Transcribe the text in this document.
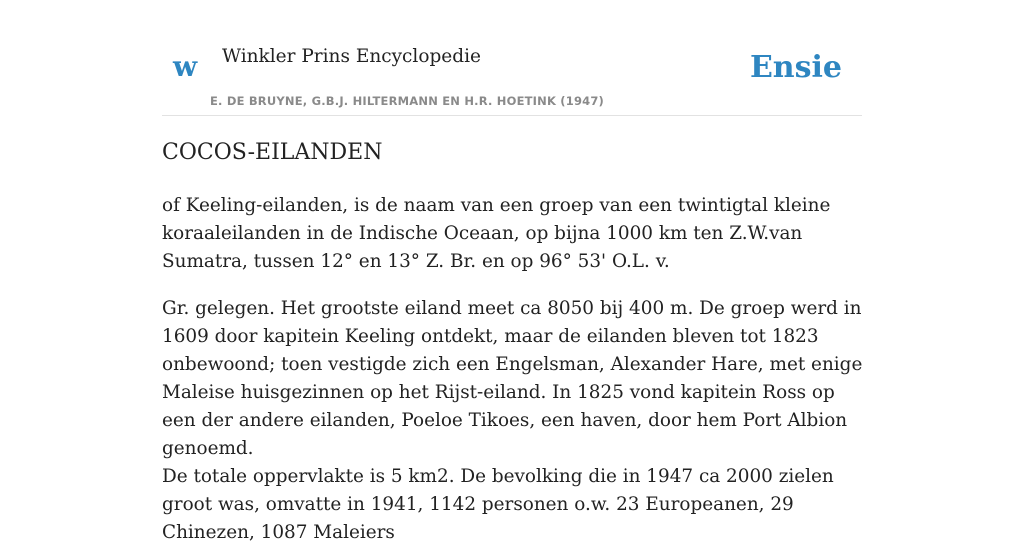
w Winkler Prins Encyclopedie
E. DE BRUYNE, G.B.J. HILTERMANN EN H.R. HOETINK (1947)
Ensie
COCOS-EILANDEN

of Keeling-eilanden, is de naam van een groep van een twintigtal kleine koraaleilanden in de Indische Oceaan, op bijna 1000 km ten Z.W.van Sumatra, tussen 12° en 13° Z. Br. en op 96° 53' O.L. v.

Gr. gelegen. Het grootste eiland meet ca 8050 bij 400 m. De groep werd in 1609 door kapitein Keeling ontdekt, maar de eilanden bleven tot 1823 onbewoond; toen vestigde zich een Engelsman, Alexander Hare, met enige Maleise huisgezinnen op het Rijst-eiland. In 1825 vond kapitein Ross op een der andere eilanden, Poeloe Tikoes, een haven, door hem Port Albion genoemd.

De totale oppervlakte is 5 km2. De bevolking die in 1947 ca 2000 zielen groot was, omvatte in 1941, 1142 personen o.w. 23 Europeanen, 29 Chinezen, 1087 Maleiers
